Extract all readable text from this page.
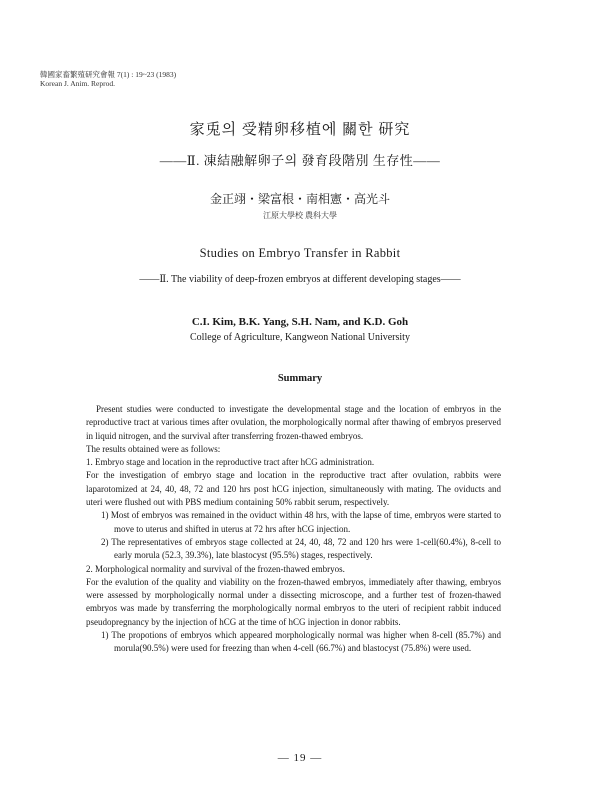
韓國家畜繁殖研究會報 7(1) : 19~23 (1983)
Korean J. Anim. Reprod.
家兎의 受精卵移植에 關한 研究
——Ⅱ. 凍結融解卵子의 發育段階別 生存性——
金正翊・梁富根・南相憲・高光斗
江原大學校 農科大學
Studies on Embryo Transfer in Rabbit
——Ⅱ. The viability of deep-frozen embryos at different developing stages——
C.I. Kim, B.K. Yang, S.H. Nam, and K.D. Goh
College of Agriculture, Kangweon National University
Summary

Present studies were conducted to investigate the developmental stage and the location of embryos in the reproductive tract at various times after ovulation, the morphologically normal after thawing of embryos preserved in liquid nitrogen, and the survival after transferring frozen-thawed embryos.

The results obtained were as follows:

1. Embryo stage and location in the reproductive tract after hCG administration.

For the investigation of embryo stage and location in the reproductive tract after ovulation, rabbits were laparotomized at 24, 40, 48, 72 and 120 hrs post hCG injection, simultaneously with mating. The oviducts and uteri were flushed out with PBS medium containing 50% rabbit serum, respectively.

1) Most of embryos was remained in the oviduct within 48 hrs, with the lapse of time, embryos were started to move to uterus and shifted in uterus at 72 hrs after hCG injection.

2) The representatives of embryos stage collected at 24, 40, 48, 72 and 120 hrs were 1-cell(60.4%), 8-cell to early morula (52.3, 39.3%), late blastocyst (95.5%) stages, respectively.

2. Morphological normality and survival of the frozen-thawed embryos.

For the evalution of the quality and viability on the frozen-thawed embryos, immediately after thawing, embryos were assessed by morphologically normal under a dissecting microscope, and a further test of frozen-thawed embryos was made by transferring the morphologically normal embryos to the uteri of recipient rabbit induced pseudopregnancy by the injection of hCG at the time of hCG injection in donor rabbits.

1) The propotions of embryos which appeared morphologically normal was higher when 8-cell (85.7%) and morula(90.5%) were used for freezing than when 4-cell (66.7%) and blastocyst (75.8%) were used.

— 19 —
